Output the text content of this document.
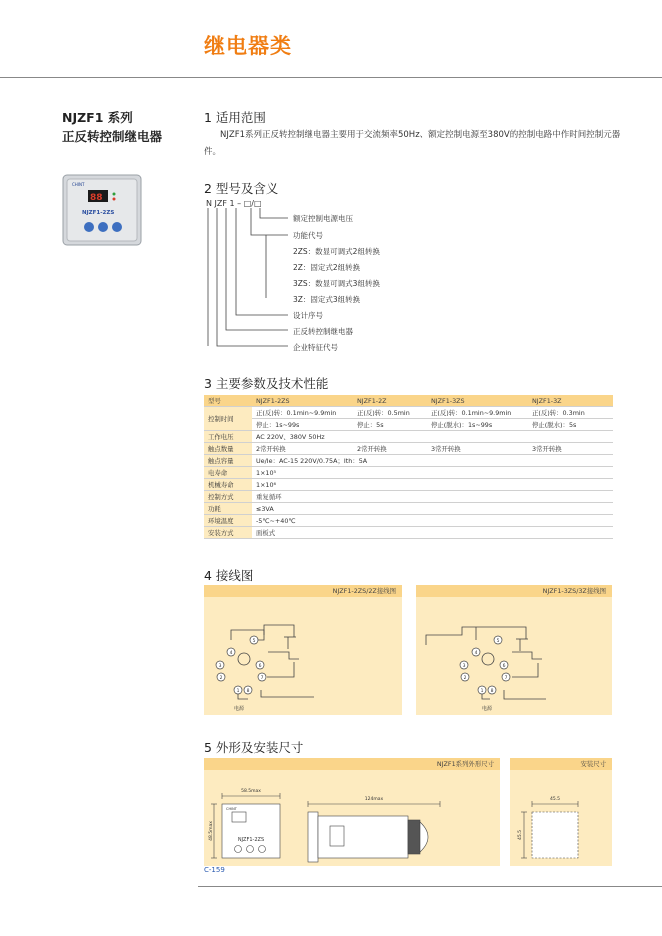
继电器类
NJZF1 系列
正反转控制继电器
CHINT
88
NJZF1-2ZS
1 适用范围
NJZF1系列正反转控制继电器主要用于交流频率50Hz、额定控制电源至380V的控制电路中作时间控制元器件。
2 型号及含义
N JZF 1 – □/□
额定控制电源电压
功能代号
2ZS：数显可调式2组转换
2Z：固定式2组转换
3ZS：数显可调式3组转换
3Z：固定式3组转换
设计序号
正反转控制继电器
企业特征代号
3 主要参数及技术性能
型号	NJZF1-2ZS	NJZF1-2Z	NJZF1-3ZS	NJZF1-3Z
控制时间	正(反)转：0.1min~9.9min	正(反)转：0.5min	正(反)转：0.1min~9.9min	正(反)转：0.3min
	停止：1s~99s	停止：5s	停止(脱水)：1s~99s	停止(脱水)：5s
工作电压	AC 220V、380V 50Hz			
触点数量	2常开转换	2常开转换	3常开转换	3常开转换
触点容量	Ue/Ie：AC-15 220V/0.75A；Ith：5A			
电寿命	1×10⁵			
机械寿命	1×10⁶			
控制方式	重复循环			
功耗	≤3VA			
环境温度	-5℃~+40℃			
安装方式	面板式			
4 接线图
NJZF1-2ZS/2Z接线图
4
3
2
1 8
6
7
5
电源
NJZF1-3ZS/3Z接线图
4
3
2
1 8
6
7
5
电源
5 外形及安装尺寸
NJZF1系列外形尺寸
58.5max
48.5max
CHINT
NJZF1-2ZS
124max
安装尺寸
45.5
45.5
C-159
